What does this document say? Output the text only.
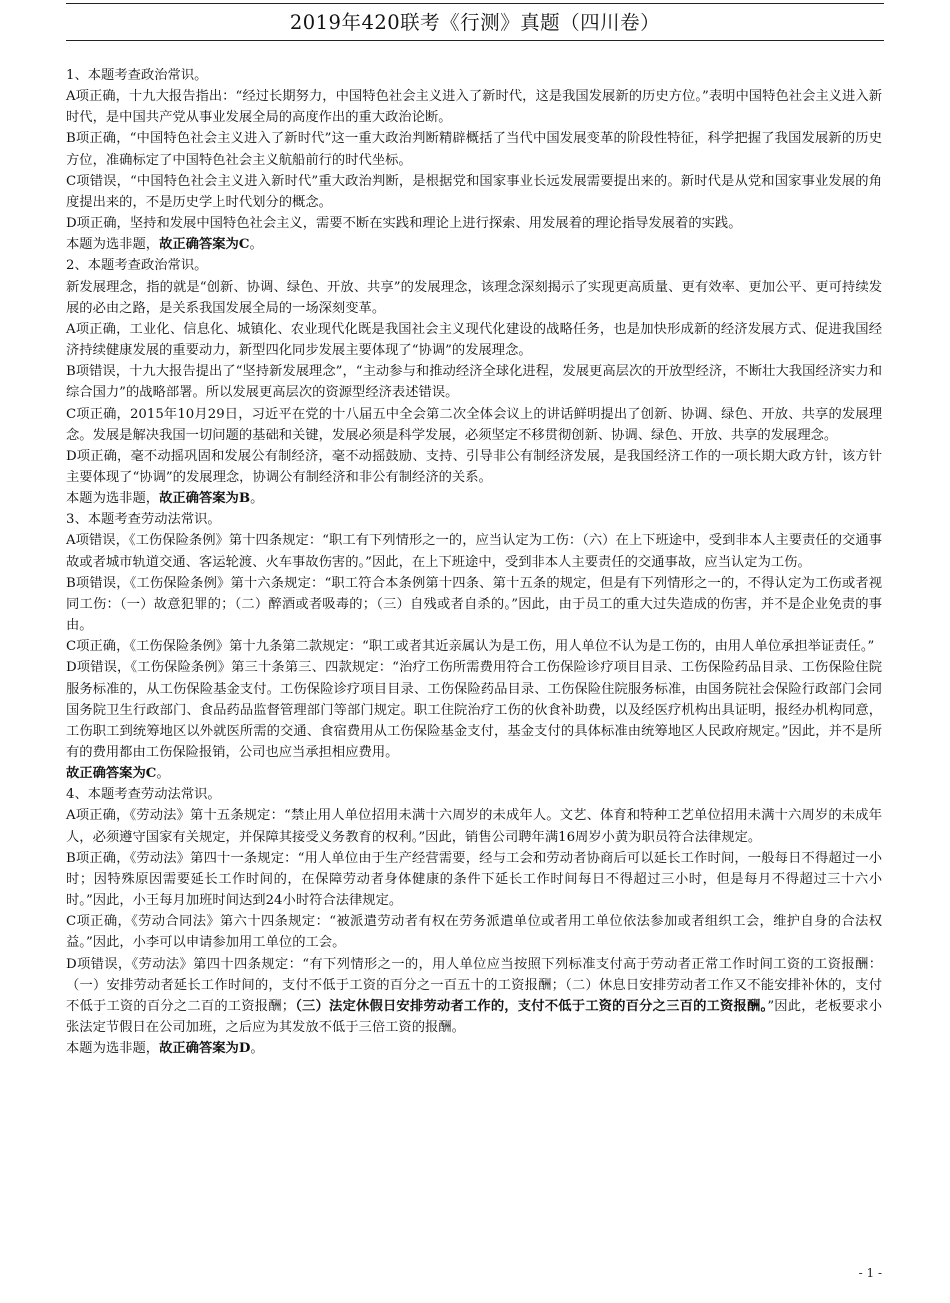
2019年420联考《行测》真题（四川卷）

1、本题考查政治常识。

A项正确，十九大报告指出：“经过长期努力，中国特色社会主义进入了新时代，这是我国发展新的历史方位。”表明中国特色社会主义进入新时代，是中国共产党从事业发展全局的高度作出的重大政治论断。

B项正确，“中国特色社会主义进入了新时代”这一重大政治判断精辟概括了当代中国发展变革的阶段性特征，科学把握了我国发展新的历史方位，准确标定了中国特色社会主义航船前行的时代坐标。

C项错误，“中国特色社会主义进入新时代”重大政治判断，是根据党和国家事业长远发展需要提出来的。新时代是从党和国家事业发展的角度提出来的，不是历史学上时代划分的概念。

D项正确，坚持和发展中国特色社会主义，需要不断在实践和理论上进行探索、用发展着的理论指导发展着的实践。

本题为选非题，故正确答案为C。

2、本题考查政治常识。

新发展理念，指的就是“创新、协调、绿色、开放、共享”的发展理念，该理念深刻揭示了实现更高质量、更有效率、更加公平、更可持续发展的必由之路，是关系我国发展全局的一场深刻变革。

A项正确，工业化、信息化、城镇化、农业现代化既是我国社会主义现代化建设的战略任务，也是加快形成新的经济发展方式、促进我国经济持续健康发展的重要动力，新型四化同步发展主要体现了“协调”的发展理念。

B项错误，十九大报告提出了“坚持新发展理念”，“主动参与和推动经济全球化进程，发展更高层次的开放型经济，不断壮大我国经济实力和综合国力”的战略部署。所以发展更高层次的资源型经济表述错误。

C项正确，2015年10月29日，习近平在党的十八届五中全会第二次全体会议上的讲话鲜明提出了创新、协调、绿色、开放、共享的发展理念。发展是解决我国一切问题的基础和关键，发展必须是科学发展，必须坚定不移贯彻创新、协调、绿色、开放、共享的发展理念。

D项正确，毫不动摇巩固和发展公有制经济，毫不动摇鼓励、支持、引导非公有制经济发展，是我国经济工作的一项长期大政方针，该方针主要体现了“协调”的发展理念，协调公有制经济和非公有制经济的关系。

本题为选非题，故正确答案为B。

3、本题考查劳动法常识。

A项错误，《工伤保险条例》第十四条规定：“职工有下列情形之一的，应当认定为工伤：（六）在上下班途中，受到非本人主要责任的交通事故或者城市轨道交通、客运轮渡、火车事故伤害的。”因此，在上下班途中，受到非本人主要责任的交通事故，应当认定为工伤。

B项错误，《工伤保险条例》第十六条规定：“职工符合本条例第十四条、第十五条的规定，但是有下列情形之一的，不得认定为工伤或者视同工伤：（一）故意犯罪的；（二）醉酒或者吸毒的；（三）自残或者自杀的。”因此，由于员工的重大过失造成的伤害，并不是企业免责的事由。

C项正确，《工伤保险条例》第十九条第二款规定：“职工或者其近亲属认为是工伤，用人单位不认为是工伤的，由用人单位承担举证责任。”

D项错误，《工伤保险条例》第三十条第三、四款规定：“治疗工伤所需费用符合工伤保险诊疗项目目录、工伤保险药品目录、工伤保险住院服务标准的，从工伤保险基金支付。工伤保险诊疗项目目录、工伤保险药品目录、工伤保险住院服务标准，由国务院社会保险行政部门会同国务院卫生行政部门、食品药品监督管理部门等部门规定。职工住院治疗工伤的伙食补助费，以及经医疗机构出具证明，报经办机构同意，工伤职工到统筹地区以外就医所需的交通、食宿费用从工伤保险基金支付，基金支付的具体标准由统筹地区人民政府规定。”因此，并不是所有的费用都由工伤保险报销，公司也应当承担相应费用。

故正确答案为C。

4、本题考查劳动法常识。

A项正确，《劳动法》第十五条规定：“禁止用人单位招用未满十六周岁的未成年人。文艺、体育和特种工艺单位招用未满十六周岁的未成年人，必须遵守国家有关规定，并保障其接受义务教育的权利。”因此，销售公司聘年满16周岁小黄为职员符合法律规定。

B项正确，《劳动法》第四十一条规定：“用人单位由于生产经营需要，经与工会和劳动者协商后可以延长工作时间，一般每日不得超过一小时；因特殊原因需要延长工作时间的，在保障劳动者身体健康的条件下延长工作时间每日不得超过三小时，但是每月不得超过三十六小时。”因此，小王每月加班时间达到24小时符合法律规定。

C项正确，《劳动合同法》第六十四条规定：“被派遣劳动者有权在劳务派遣单位或者用工单位依法参加或者组织工会，维护自身的合法权益。”因此，小李可以申请参加用工单位的工会。

D项错误，《劳动法》第四十四条规定：“有下列情形之一的，用人单位应当按照下列标准支付高于劳动者正常工作时间工资的工资报酬：（一）安排劳动者延长工作时间的，支付不低于工资的百分之一百五十的工资报酬；（二）休息日安排劳动者工作又不能安排补休的，支付不低于工资的百分之二百的工资报酬；（三）法定休假日安排劳动者工作的，支付不低于工资的百分之三百的工资报酬。”因此，老板要求小张法定节假日在公司加班，之后应为其发放不低于三倍工资的报酬。

本题为选非题，故正确答案为D。

- 1 -
